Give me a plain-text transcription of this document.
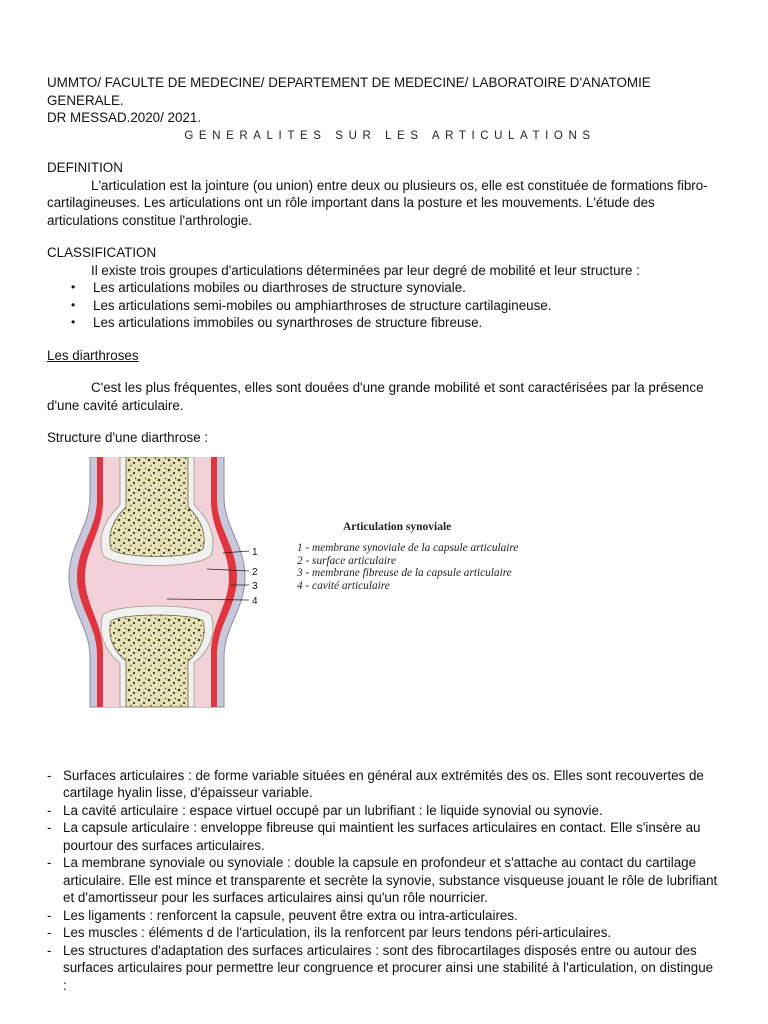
UMMTO/ FACULTE DE MEDECINE/ DEPARTEMENT DE MEDECINE/ LABORATOIRE D'ANATOMIE GENERALE.

DR MESSAD.2020/ 2021.

GENERALITES SUR LES ARTICULATIONS

DEFINITION

L'articulation est la jointure (ou union) entre deux ou plusieurs os, elle est constituée de formations fibro-cartilagineuses. Les articulations ont un rôle important dans la posture et les mouvements. L'étude des articulations constitue l'arthrologie.

CLASSIFICATION

Il existe trois groupes d'articulations déterminées par leur degré de mobilité et leur structure :

• Les articulations mobiles ou diarthroses de structure synoviale.
• Les articulations semi-mobiles ou amphiarthroses de structure cartilagineuse.
• Les articulations immobiles ou synarthroses de structure fibreuse.

Les diarthroses

C'est les plus fréquentes, elles sont douées d'une grande mobilité et sont caractérisées par la présence d'une cavité articulaire.

Structure d'une diarthrose :

1
2
3
4
Articulation synoviale
1 - membrane synoviale de la capsule articulaire
2 - surface articulaire
3 - membrane fibreuse de la capsule articulaire
4 - cavité articulaire
- Surfaces articulaires : de forme variable situées en général aux extrémités des os. Elles sont recouvertes de cartilage hyalin lisse, d'épaisseur variable.
- La cavité articulaire : espace virtuel occupé par un lubrifiant : le liquide synovial ou synovie.
- La capsule articulaire : enveloppe fibreuse qui maintient les surfaces articulaires en contact. Elle s'insère au pourtour des surfaces articulaires.
- La membrane synoviale ou synoviale : double la capsule en profondeur et s'attache au contact du cartilage articulaire. Elle est mince et transparente et secrète la synovie, substance visqueuse jouant le rôle de lubrifiant et d'amortisseur pour les surfaces articulaires ainsi qu'un rôle nourricier.
- Les ligaments : renforcent la capsule, peuvent être extra ou intra-articulaires.
- Les muscles : éléments d de l'articulation, ils la renforcent par leurs tendons péri-articulaires.
- Les structures d'adaptation des surfaces articulaires : sont des fibrocartilages disposés entre ou autour des surfaces articulaires pour permettre leur congruence et procurer ainsi une stabilité à l'articulation, on distingue :
